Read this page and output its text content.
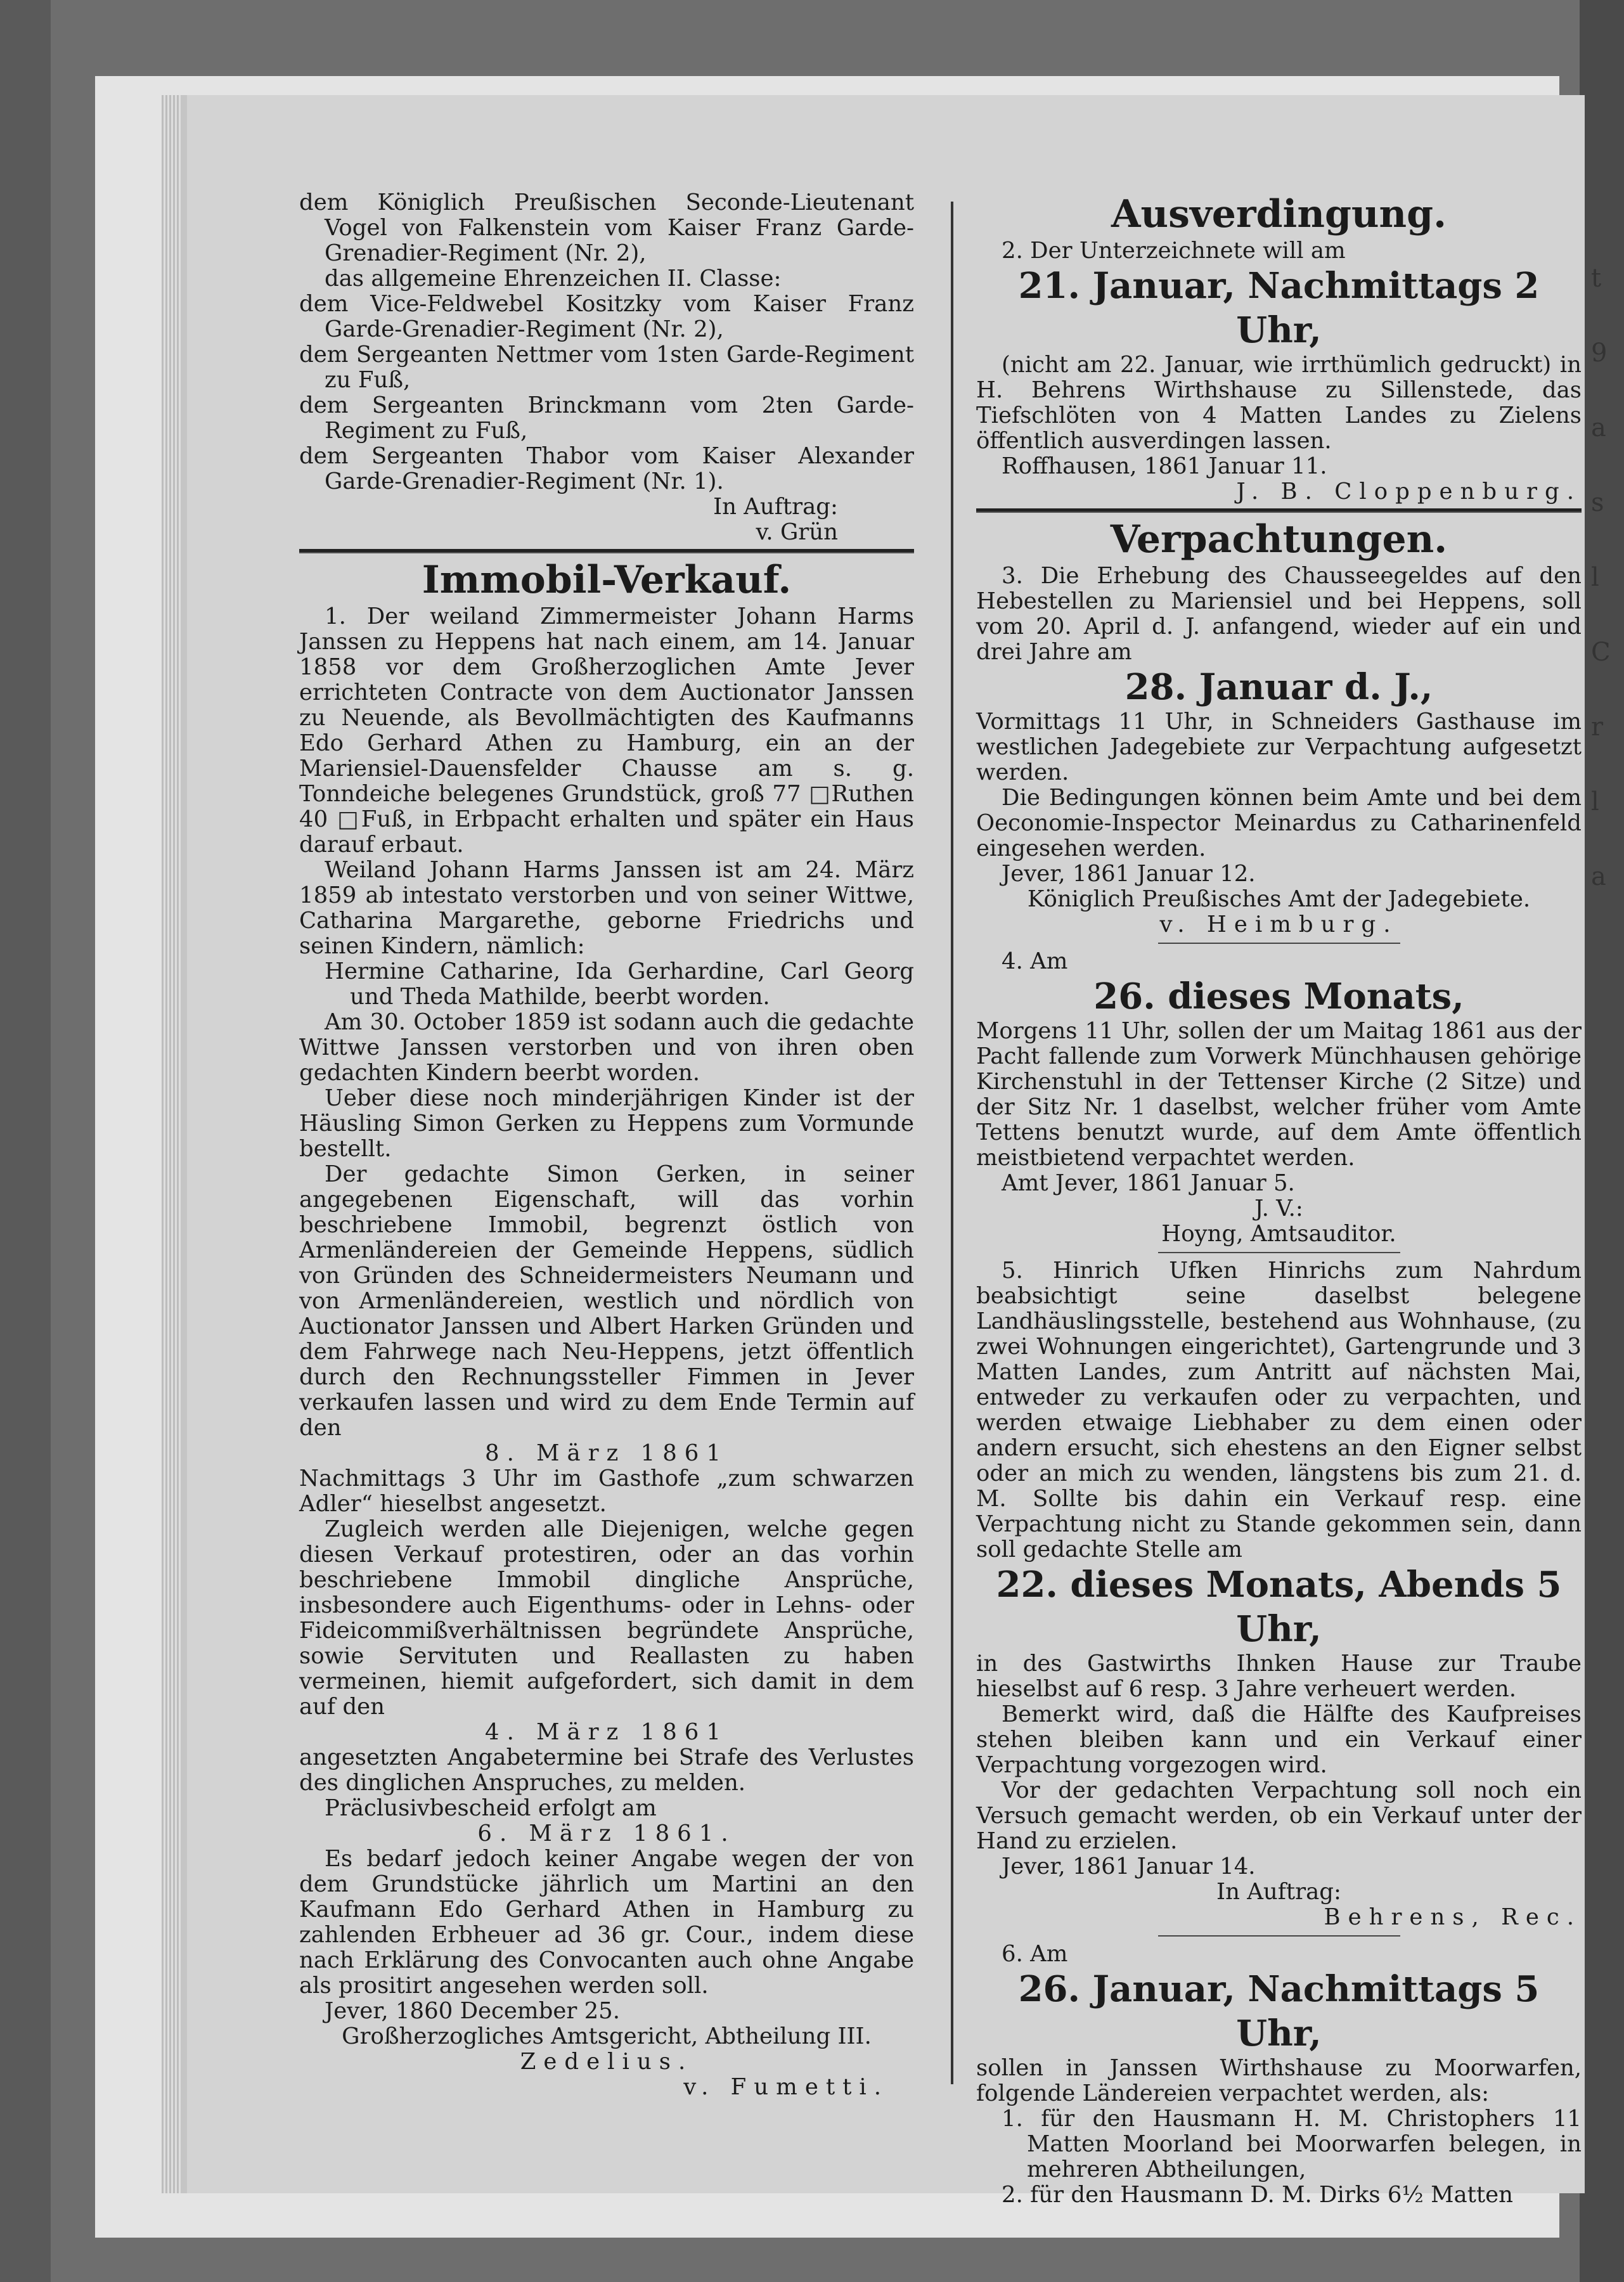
t
9
a
s
l
C
r
l
a

dem Königlich Preußischen Seconde-Lieutenant Vogel von Falkenstein vom Kaiser Franz Garde-Grenadier-Regiment (Nr. 2),

das allgemeine Ehrenzeichen II. Classe:

dem Vice-Feldwebel Kositzky vom Kaiser Franz Garde-Grenadier-Regiment (Nr. 2),

dem Sergeanten Nettmer vom 1sten Garde-Regiment zu Fuß,

dem Sergeanten Brinckmann vom 2ten Garde-Regiment zu Fuß,

dem Sergeanten Thabor vom Kaiser Alexander Garde-Grenadier-Regiment (Nr. 1).

In Auftrag:

v. Grün

Immobil-Verkauf.

1. Der weiland Zimmermeister Johann Harms Janssen zu Heppens hat nach einem, am 14. Januar 1858 vor dem Großherzoglichen Amte Jever errichteten Contracte von dem Auctionator Janssen zu Neuende, als Bevollmächtigten des Kaufmanns Edo Gerhard Athen zu Hamburg, ein an der Mariensiel-Dauensfelder Chausse am s. g. Tonndeiche belegenes Grundstück, groß 77 □Ruthen 40 □Fuß, in Erbpacht erhalten und später ein Haus darauf erbaut.

Weiland Johann Harms Janssen ist am 24. März 1859 ab intestato verstorben und von seiner Wittwe, Catharina Margarethe, geborne Friedrichs und seinen Kindern, nämlich:

Hermine Catharine, Ida Gerhardine, Carl Georg und Theda Mathilde, beerbt worden.

Am 30. October 1859 ist sodann auch die gedachte Wittwe Janssen verstorben und von ihren oben gedachten Kindern beerbt worden.

Ueber diese noch minderjährigen Kinder ist der Häusling Simon Gerken zu Heppens zum Vormunde bestellt.

Der gedachte Simon Gerken, in seiner angegebenen Eigenschaft, will das vorhin beschriebene Immobil, begrenzt östlich von Armenländereien der Gemeinde Heppens, südlich von Gründen des Schneidermeisters Neumann und von Armenländereien, westlich und nördlich von Auctionator Janssen und Albert Harken Gründen und dem Fahrwege nach Neu-Heppens, jetzt öffentlich durch den Rechnungssteller Fimmen in Jever verkaufen lassen und wird zu dem Ende Termin auf den

8. März 1861

Nachmittags 3 Uhr im Gasthofe „zum schwarzen Adler“ hieselbst angesetzt.

Zugleich werden alle Diejenigen, welche gegen diesen Verkauf protestiren, oder an das vorhin beschriebene Immobil dingliche Ansprüche, insbesondere auch Eigenthums- oder in Lehns- oder Fideicommißverhältnissen begründete Ansprüche, sowie Servituten und Reallasten zu haben vermeinen, hiemit aufgefordert, sich damit in dem auf den

4. März 1861

angesetzten Angabetermine bei Strafe des Verlustes des dinglichen Anspruches, zu melden.

Präclusivbescheid erfolgt am

6. März 1861.

Es bedarf jedoch keiner Angabe wegen der von dem Grundstücke jährlich um Martini an den Kaufmann Edo Gerhard Athen in Hamburg zu zahlenden Erbheuer ad 36 gr. Cour., indem diese nach Erklärung des Convocanten auch ohne Angabe als prositirt angesehen werden soll.

Jever, 1860 December 25.

Großherzogliches Amtsgericht, Abtheilung III.

Zedelius.

v. Fumetti.

Ausverdingung.

2. Der Unterzeichnete will am

21. Januar, Nachmittags 2 Uhr,

(nicht am 22. Januar, wie irrthümlich gedruckt) in H. Behrens Wirthshause zu Sillenstede, das Tiefschlöten von 4 Matten Landes zu Zielens öffentlich ausverdingen lassen.

Roffhausen, 1861 Januar 11.

J. B. Cloppenburg.

Verpachtungen.

3. Die Erhebung des Chausseegeldes auf den Hebestellen zu Mariensiel und bei Heppens, soll vom 20. April d. J. anfangend, wieder auf ein und drei Jahre am

28. Januar d. J.,

Vormittags 11 Uhr, in Schneiders Gasthause im westlichen Jadegebiete zur Verpachtung aufgesetzt werden.

Die Bedingungen können beim Amte und bei dem Oeconomie-Inspector Meinardus zu Catharinenfeld eingesehen werden.

Jever, 1861 Januar 12.

Königlich Preußisches Amt der Jadegebiete.

v. Heimburg.

4. Am

26. dieses Monats,

Morgens 11 Uhr, sollen der um Maitag 1861 aus der Pacht fallende zum Vorwerk Münchhausen gehörige Kirchenstuhl in der Tettenser Kirche (2 Sitze) und der Sitz Nr. 1 daselbst, welcher früher vom Amte Tettens benutzt wurde, auf dem Amte öffentlich meistbietend verpachtet werden.

Amt Jever, 1861 Januar 5.

J. V.:

Hoyng, Amtsauditor.

5. Hinrich Ufken Hinrichs zum Nahrdum beabsichtigt seine daselbst belegene Landhäuslingsstelle, bestehend aus Wohnhause, (zu zwei Wohnungen eingerichtet), Gartengrunde und 3 Matten Landes, zum Antritt auf nächsten Mai, entweder zu verkaufen oder zu verpachten, und werden etwaige Liebhaber zu dem einen oder andern ersucht, sich ehestens an den Eigner selbst oder an mich zu wenden, längstens bis zum 21. d. M. Sollte bis dahin ein Verkauf resp. eine Verpachtung nicht zu Stande gekommen sein, dann soll gedachte Stelle am

22. dieses Monats, Abends 5 Uhr,

in des Gastwirths Ihnken Hause zur Traube hieselbst auf 6 resp. 3 Jahre verheuert werden.

Bemerkt wird, daß die Hälfte des Kaufpreises stehen bleiben kann und ein Verkauf einer Verpachtung vorgezogen wird.

Vor der gedachten Verpachtung soll noch ein Versuch gemacht werden, ob ein Verkauf unter der Hand zu erzielen.

Jever, 1861 Januar 14.

In Auftrag:

Behrens, Rec.

6. Am

26. Januar, Nachmittags 5 Uhr,

sollen in Janssen Wirthshause zu Moorwarfen, folgende Ländereien verpachtet werden, als:

1. für den Hausmann H. M. Christophers 11 Matten Moorland bei Moorwarfen belegen, in mehreren Abtheilungen,

2. für den Hausmann D. M. Dirks 6½ Matten
